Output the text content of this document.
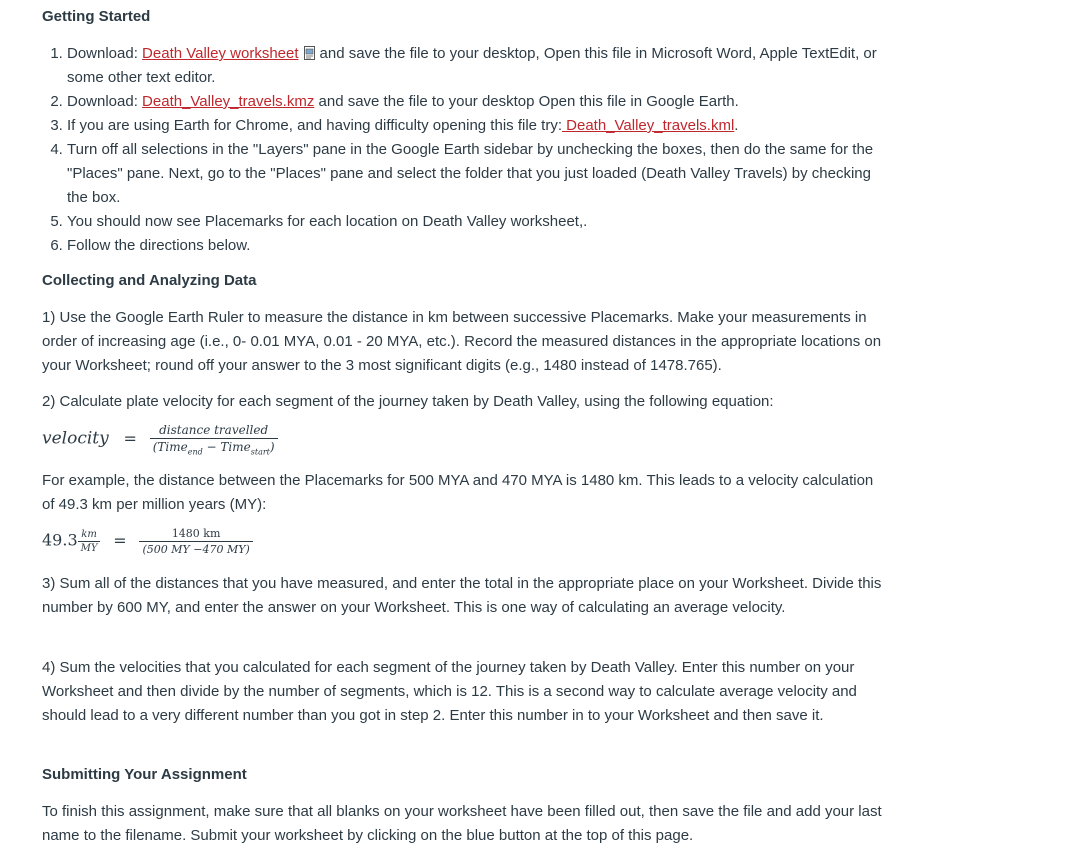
Getting Started
1. Download: Death Valley worksheet and save the file to your desktop, Open this file in Microsoft Word, Apple TextEdit, or some other text editor.
2. Download: Death_Valley_travels.kmz and save the file to your desktop Open this file in Google Earth.
3. If you are using Earth for Chrome, and having difficulty opening this file try: Death_Valley_travels.kml.
4. Turn off all selections in the "Layers" pane in the Google Earth sidebar by unchecking the boxes, then do the same for the "Places" pane. Next, go to the "Places" pane and select the folder that you just loaded (Death Valley Travels) by checking the box.
5. You should now see Placemarks for each location on Death Valley worksheet,.
6. Follow the directions below.
Collecting and Analyzing Data

1) Use the Google Earth Ruler to measure the distance in km between successive Placemarks. Make your measurements in order of increasing age (i.e., 0- 0.01 MYA, 0.01 - 20 MYA, etc.). Record the measured distances in the appropriate locations on your Worksheet; round off your answer to the 3 most significant digits (e.g., 1480 instead of 1478.765).

2) Calculate plate velocity for each segment of the journey taken by Death Valley, using the following equation:

velocity = $\frac{\text{distance travelled}}{(Time_{end} - Time_{start})}$

For example, the distance between the Placemarks for 500 MYA and 470 MYA is 1480 km. This leads to a velocity calculation of 49.3 km per million years (MY):

$49.3 \frac{km}{MY} = \frac{1480 km}{(500 MY -470 MY)}$

3) Sum all of the distances that you have measured, and enter the total in the appropriate place on your Worksheet. Divide this number by 600 MY, and enter the answer on your Worksheet. This is one way of calculating an average velocity.

4) Sum the velocities that you calculated for each segment of the journey taken by Death Valley. Enter this number on your Worksheet and then divide by the number of segments, which is 12. This is a second way to calculate average velocity and should lead to a very different number than you got in step 2. Enter this number in to your Worksheet and then save it.

Submitting Your Assignment

To finish this assignment, make sure that all blanks on your worksheet have been filled out, then save the file and add your last name to the filename. Submit your worksheet by clicking on the blue button at the top of this page.
